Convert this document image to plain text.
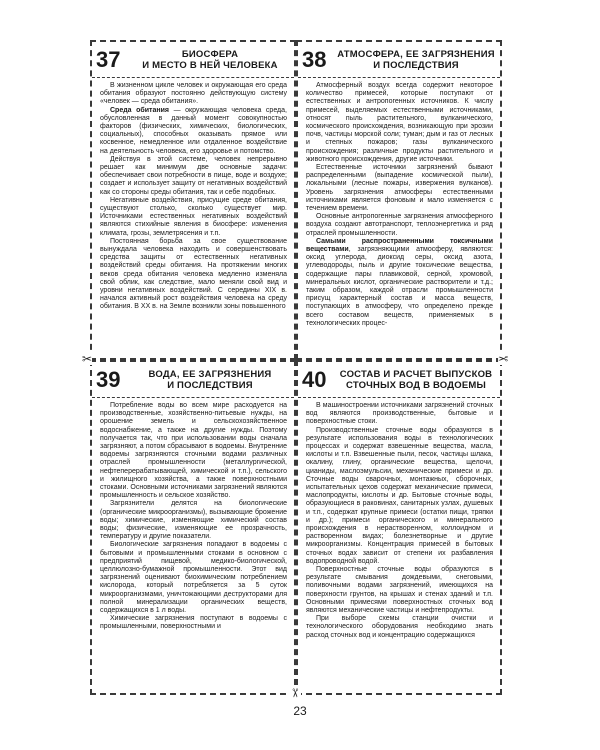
37	БИОСФЕРА
И МЕСТО В НЕЙ ЧЕЛОВЕКА

В жизненном цикле человек и окружающая его среда обитания образуют постоянно действующую систему «человек — среда обитания».

Среда обитания — окружающая человека среда, обусловленная в данный момент совокупностью факторов (физических, химических, биологических, социальных), способных оказывать прямое или косвенное, немедленное или отдаленное воздействие на деятельность человека, его здоровье и потомство.

Действуя в этой системе, человек непрерывно решает как минимум две основные задачи: обеспечивает свои потребности в пище, воде и воздухе; создает и использует защиту от негативных воздействий как со стороны среды обитания, так и себе подобных.

Негативные воздействия, присущие среде обитания, существуют столько, сколько существует мир. Источниками естественных негативных воздействий являются стихийные явления в биосфере: изменения климата, грозы, землетрясения и т.п.

Постоянная борьба за свое существование вынуждала человека находить и совершенствовать средства защиты от естественных негативных воздействий среды обитания. На протяжении многих веков среда обитания человека медленно изменяла свой облик, как следствие, мало меняли свой вид и уровни негативных воздействий. С середины XIX в. начался активный рост воздействия человека на среду обитания. В XX в. на Земле возникли зоны повышенного

38	АТМОСФЕРА, ЕЕ ЗАГРЯЗНЕНИЯ
И ПОСЛЕДСТВИЯ

Атмосферный воздух всегда содержит некоторое количество примесей, которые поступают от естественных и антропогенных источников. К числу примесей, выделяемых естественными источниками, относят пыль растительного, вулканического, космического происхождения, возникающую при эрозии почв, частицы морской соли; туман; дым и газ от лесных и степных пожаров; газы вулканического происхождения; различные продукты растительного и животного происхождения, другие источники.

Естественные источники загрязнений бывают распределенными (выпадение космической пыли), локальными (лесные пожары, извержения вулканов). Уровень загрязнения атмосферы естественными источниками является фоновым и мало изменяется с течением времени.

Основные антропогенные загрязнения атмосферного воздуха создают автотранспорт, теплоэнергетика и ряд отраслей промышленности.

Самыми распространенными токсичными веществами, загрязняющими атмосферу, являются: оксид углерода, диоксид серы, оксид азота, углеводороды, пыль и другие токсические вещества, содержащие пары плавиковой, серной, хромовой, минеральных кислот, органические растворители и т.д.; таким образом, каждой отрасли промышленности присущ характерный состав и масса веществ, поступающих в атмосферу, что определено прежде всего составом веществ, применяемых в технологических процес-

39	ВОДА, ЕЕ ЗАГРЯЗНЕНИЯ
И ПОСЛЕДСТВИЯ

Потребление воды во всем мире расходуется на производственные, хозяйственно-питьевые нужды, на орошение земель и сельскохозяйственное водоснабжение, а также на другие нужды. Поэтому получается так, что при использовании воды сначала загрязняют, а потом сбрасывают в водоемы. Внутренние водоемы загрязняются сточными водами различных отраслей промышленности (металлургической, нефтеперерабатывающей, химической и т.п.), сельского и жилищного хозяйства, а также поверхностными стоками. Основными источниками загрязнений являются промышленность и сельское хозяйство.

Загрязнители делятся на биологические (органические микроорганизмы), вызывающие брожение воды; химические, изменяющие химический состав воды; физические, изменяющие ее прозрачность, температуру и другие показатели.

Биологические загрязнения попадают в водоемы с бытовыми и промышленными стоками в основном с предприятий пищевой, медико-биологической, целлюлозно-бумажной промышленности. Этот вид загрязнений оценивают биохимическим потреблением кислорода, который потребляется за 5 суток микроорганизмами, уничтожающими деструкторами для полной минерализации органических веществ, содержащихся в 1 л воды.

Химические загрязнения поступают в водоемы с промышленными, поверхностными и

40	СОСТАВ И РАСЧЕТ ВЫПУСКОВ
СТОЧНЫХ ВОД В ВОДОЕМЫ

В машиностроении источниками загрязнений сточных вод являются производственные, бытовые и поверхностные стоки.

Производственные сточные воды образуются в результате использования воды в технологических процессах и содержат взвешенные вещества, масла, кислоты и т.п. Взвешенные пыли, песок, частицы шлака, окалину, глину, органические вещества, щелочи, цианиды, маслоэмульсии, механические примеси и др. Сточные воды сварочных, монтажных, сборочных, испытательных цехов содержат механические примеси, маслопродукты, кислоты и др. Бытовые сточные воды, образующиеся в раковинах, санитарных узлах, душевых и т.п., содержат крупные примеси (остатки пищи, тряпки и др.); примеси органического и минерального происхождения в нерастворенном, коллоидном и растворенном видах; болезнетворные и другие микроорганизмы. Концентрация примесей в бытовых сточных водах зависит от степени их разбавления водопроводной водой.

Поверхностные сточные воды образуются в результате смывания дождевыми, снеговыми, поливочными водами загрязнений, имеющихся на поверхности грунтов, на крышах и стенах зданий и т.п. Основными примесями поверхностных сточных вод являются механические частицы и нефтепродукты.

При выборе схемы станции очистки и технологического оборудования необходимо знать расход сточных вод и концентрацию содержащихся

✂	✂
✂
23
